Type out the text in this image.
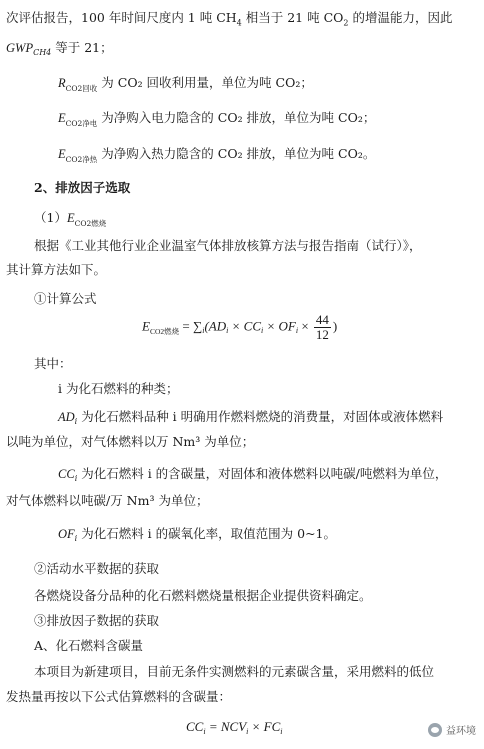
次评估报告，100 年时间尺度内 1 吨 $CH_4$ 相当于 21 吨 $CO_2$ 的增温能力，因此
$GWP_{CH4}$ 等于 21；
$R_{CO2回收}$ 为 CO₂ 回收利用量，单位为吨 CO₂；
$E_{CO2净电}$ 为净购入电力隐含的 CO₂ 排放，单位为吨 CO₂；
$E_{CO2净热}$ 为净购入热力隐含的 CO₂ 排放，单位为吨 CO₂。
2、排放因子选取
$(1)E_{CO2燃烧}$
根据《工业其他行业企业温室气体排放核算方法与报告指南（试行）》，
其计算方法如下。
①计算公式
$E_{CO2燃烧} = \sum_i(AD_i \times CC_i \times OF_i \times \frac{44}{12}$ )
其中：
i 为化石燃料的种类；
$AD_i$ 为化石燃料品种 i 明确用作燃料燃烧的消费量，对固体或液体燃料
以吨为单位，对气体燃料以万 Nm³ 为单位；
$CC_i$ 为化石燃料 i 的含碳量，对固体和液体燃料以吨碳/吨燃料为单位，
对气体燃料以吨碳/万 Nm³ 为单位；
$OF_i$ 为化石燃料 i 的碳氧化率，取值范围为 0~1。
②活动水平数据的获取
各燃烧设备分品种的化石燃料燃烧量根据企业提供资料确定。
③排放因子数据的获取
A、化石燃料含碳量
本项目为新建项目，目前无条件实测燃料的元素碳含量，采用燃料的低位
发热量再按以下公式估算燃料的含碳量：
$CC_i = NCV_i \times FC_i$	益环境
